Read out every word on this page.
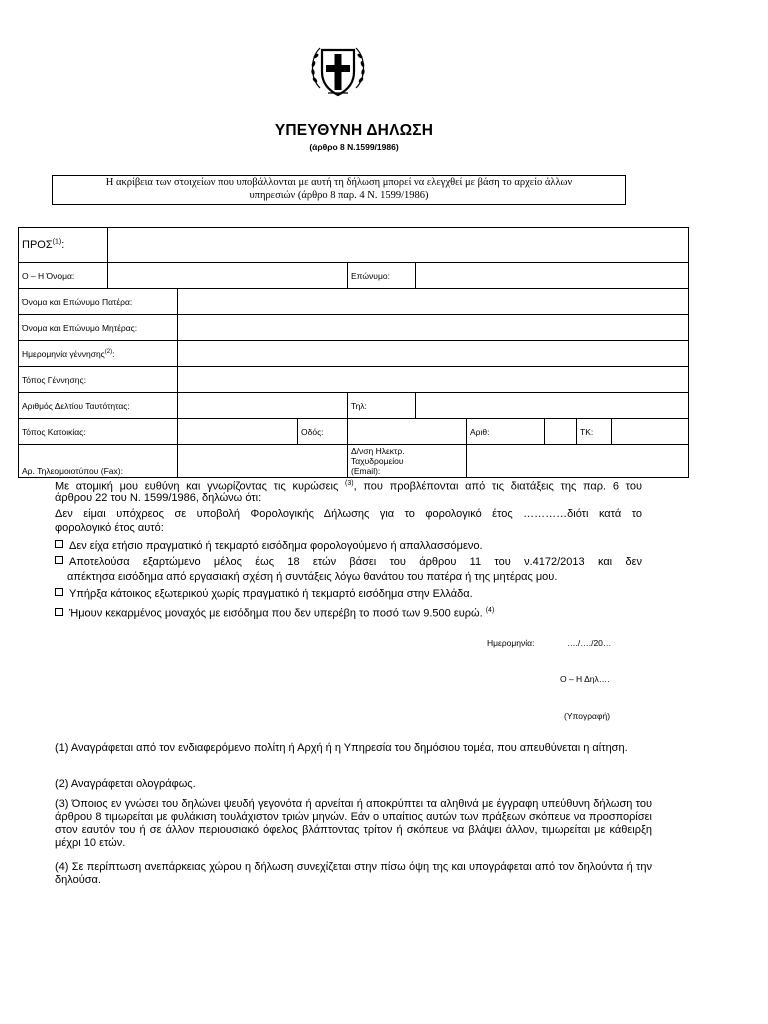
ΥΠΕΥΘΥΝΗ ΔΗΛΩΣΗ
(άρθρο 8 Ν.1599/1986)
Η ακρίβεια των στοιχείων που υποβάλλονται με αυτή τη δήλωση μπορεί να ελεγχθεί με βάση το αρχείο άλλων
υπηρεσιών (άρθρο 8 παρ. 4 Ν. 1599/1986)
ΠΡΟΣ$^{(1)}$:									
Ο – Η Όνομα:				Επώνυμο:					
Όνομα και Επώνυμο Πατέρα:									
Όνομα και Επώνυμο Μητέρας:									
Ημερομηνία γέννησης$^{(2)}$:									
Τόπος Γέννησης:									
Αριθμός Δελτίου Ταυτότητας:				Τηλ:					
Τόπος Κατοικίας:			Οδός:			Αριθ:		ΤΚ:	
Αρ. Τηλεομοιοτύπου (Fax):				Δ/νση Ηλεκτρ.
Ταχυδρομείου
(Email):					

Με ατομική μου ευθύνη και γνωρίζοντας τις κυρώσεις $^{(3)}$, που προβλέπονται από τις διατάξεις της παρ. 6 του
άρθρου 22 του Ν. 1599/1986, δηλώνω ότι:
Δεν είμαι υπόχρεος σε υποβολή Φορολογικής Δήλωσης για το φορολογικό έτος …………διότι κατά το
φορολογικό έτος αυτό:
Δεν είχα ετήσιο πραγματικό ή τεκμαρτό εισόδημα φορολογούμενο ή απαλλασσόμενο.
Αποτελούσα εξαρτώμενο μέλος έως 18 ετών βάσει του άρθρου 11 του ν.4172/2013 και δεν
απέκτησα εισόδημα από εργασιακή σχέση ή συντάξεις λόγω θανάτου του πατέρα ή της μητέρας μου.
Υπήρξα κάτοικος εξωτερικού χωρίς πραγματικό ή τεκμαρτό εισόδημα στην Ελλάδα.
Ήμουν κεκαρμένος μοναχός με εισόδημα που δεν υπερέβη το ποσό των 9.500 ευρώ. $^{(4)}$
Ημερομηνία:	…./…./20…
Ο – Η Δηλ….
(Υπογραφή)
(1) Αναγράφεται από τον ενδιαφερόμενο πολίτη ή Αρχή ή η Υπηρεσία του δημόσιου τομέα, που απευθύνεται η αίτηση.
(2) Αναγράφεται ολογράφως.
(3) Όποιος εν γνώσει του δηλώνει ψευδή γεγονότα ή αρνείται ή αποκρύπτει τα αληθινά με έγγραφη υπεύθυνη δήλωση του άρθρου 8 τιμωρείται με φυλάκιση τουλάχιστον τριών μηνών. Εάν ο υπαίτιος αυτών των πράξεων σκόπευε να προσπορίσει στον εαυτόν του ή σε άλλον περιουσιακό όφελος βλάπτοντας τρίτον ή σκόπευε να βλάψει άλλον, τιμωρείται με κάθειρξη μέχρι 10 ετών.
(4) Σε περίπτωση ανεπάρκειας χώρου η δήλωση συνεχίζεται στην πίσω όψη της και υπογράφεται από τον δηλούντα ή την δηλούσα.
